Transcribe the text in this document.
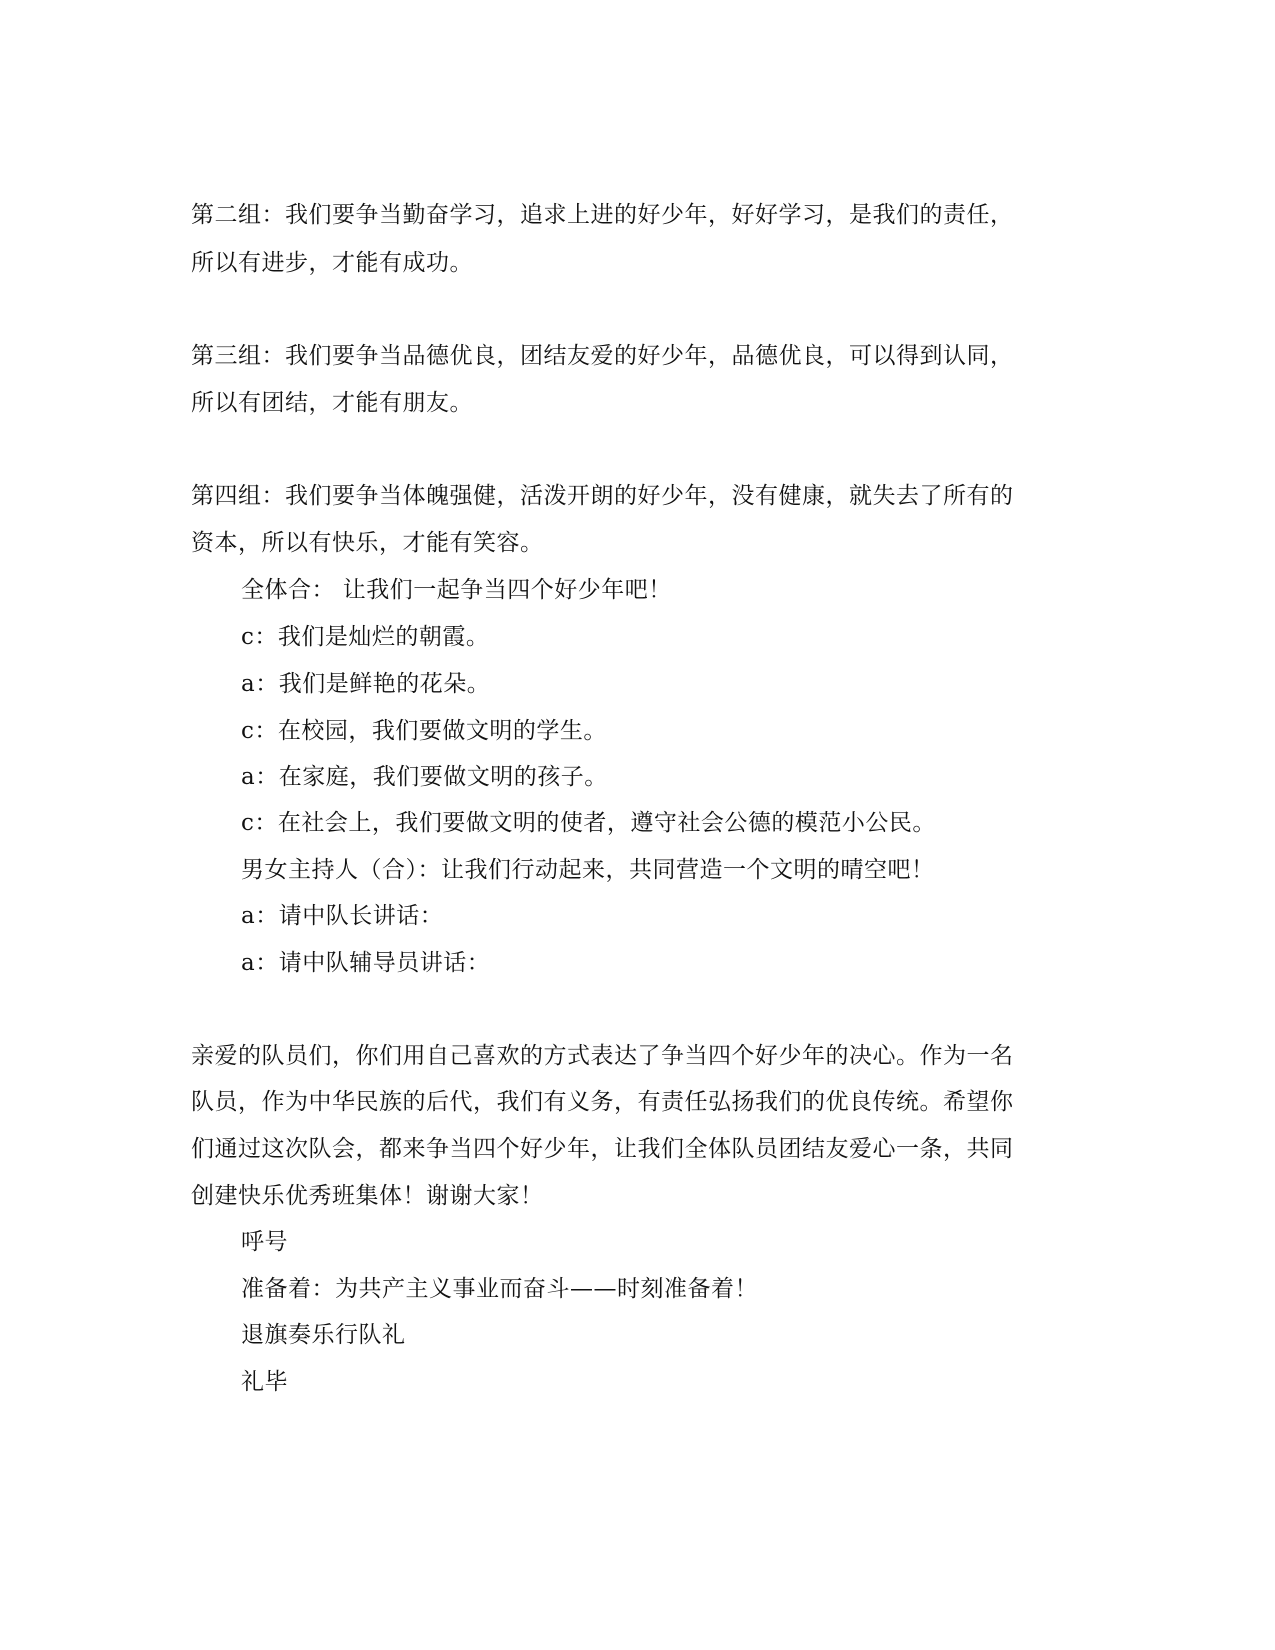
第二组：我们要争当勤奋学习，追求上进的好少年，好好学习，是我们的责任，
所以有进步，才能有成功。
第三组：我们要争当品德优良，团结友爱的好少年，品德优良，可以得到认同，
所以有团结，才能有朋友。
第四组：我们要争当体魄强健，活泼开朗的好少年，没有健康，就失去了所有的
资本，所以有快乐，才能有笑容。
全体合： 让我们一起争当四个好少年吧！
c：我们是灿烂的朝霞。
a：我们是鲜艳的花朵。
c：在校园，我们要做文明的学生。
a：在家庭，我们要做文明的孩子。
c：在社会上，我们要做文明的使者，遵守社会公德的模范小公民。
男女主持人（合）：让我们行动起来，共同营造一个文明的晴空吧！
a：请中队长讲话：
a：请中队辅导员讲话：
亲爱的队员们，你们用自己喜欢的方式表达了争当四个好少年的决心。作为一名
队员，作为中华民族的后代，我们有义务，有责任弘扬我们的优良传统。希望你
们通过这次队会，都来争当四个好少年，让我们全体队员团结友爱心一条，共同
创建快乐优秀班集体！谢谢大家！
呼号
准备着：为共产主义事业而奋斗——时刻准备着！
退旗奏乐行队礼
礼毕
